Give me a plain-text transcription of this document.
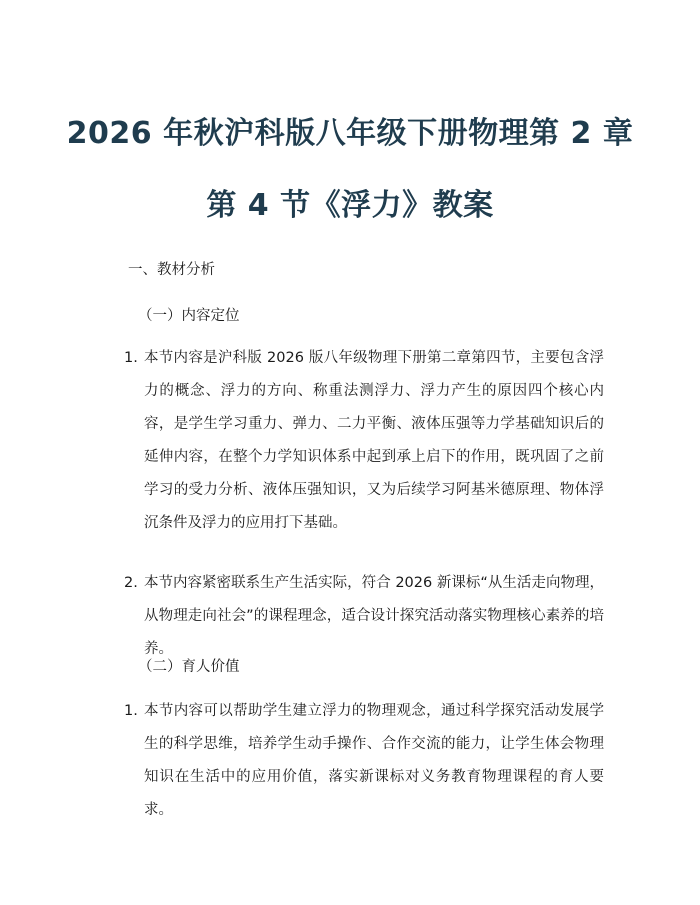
2026 年秋沪科版八年级下册物理第 2 章
第 4 节《浮力》教案
一、教材分析
（一）内容定位
1. 本节内容是沪科版 2026 版八年级物理下册第二章第四节，主要包含浮力的概念、浮力的方向、称重法测浮力、浮力产生的原因四个核心内容，是学生学习重力、弹力、二力平衡、液体压强等力学基础知识后的延伸内容，在整个力学知识体系中起到承上启下的作用，既巩固了之前学习的受力分析、液体压强知识，又为后续学习阿基米德原理、物体浮沉条件及浮力的应用打下基础。
2. 本节内容紧密联系生产生活实际，符合 2026 新课标“从生活走向物理，从物理走向社会”的课程理念，适合设计探究活动落实物理核心素养的培养。
（二）育人价值
1. 本节内容可以帮助学生建立浮力的物理观念，通过科学探究活动发展学生的科学思维，培养学生动手操作、合作交流的能力，让学生体会物理知识在生活中的应用价值，落实新课标对义务教育物理课程的育人要求。
